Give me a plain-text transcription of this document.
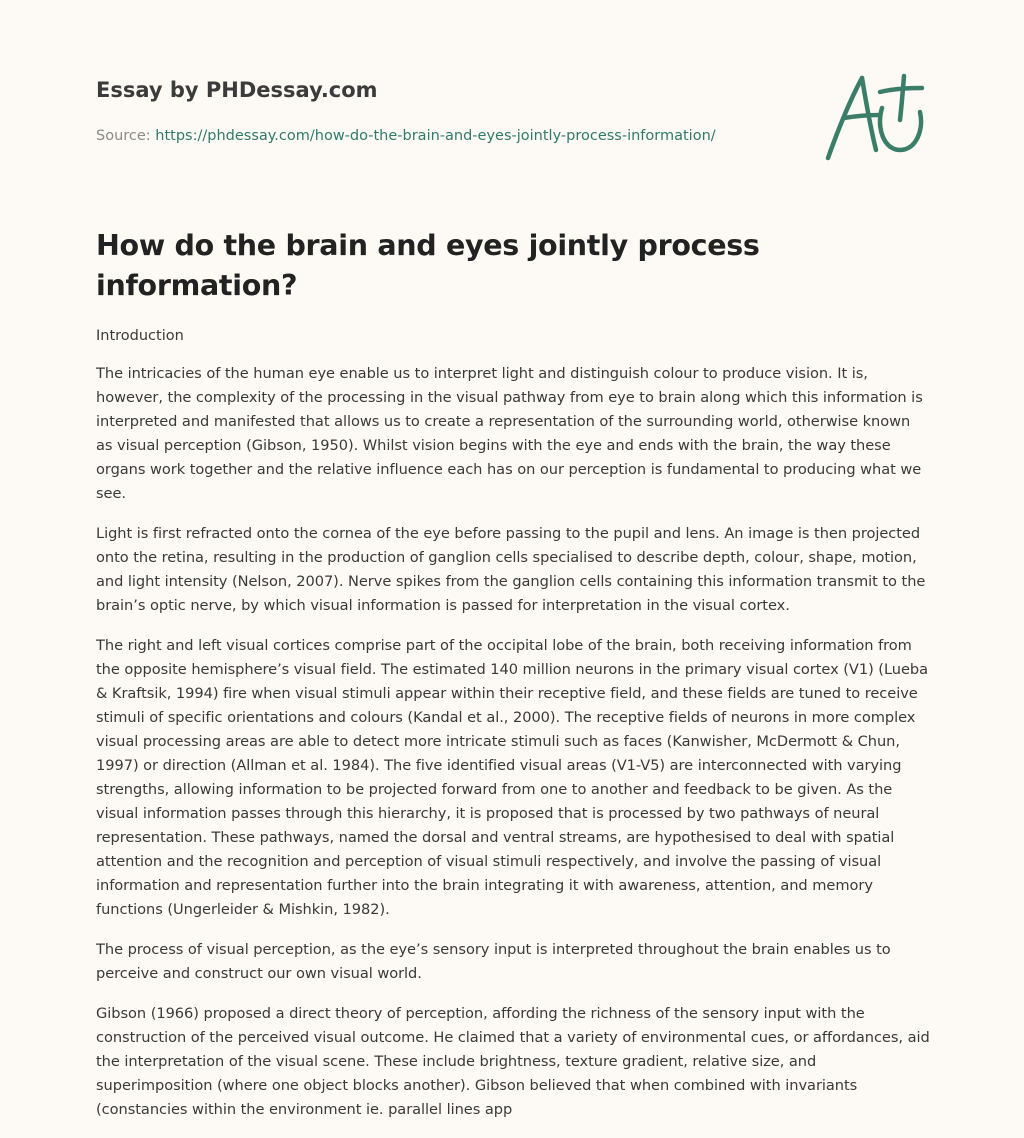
Essay by PHDessay.com
Source: https://phdessay.com/how-do-the-brain-and-eyes-jointly-process-information/
How do the brain and eyes jointly process information?

Introduction

The intricacies of the human eye enable us to interpret light and distinguish colour to produce vision. It is, however, the complexity of the processing in the visual pathway from eye to brain along which this information is interpreted and manifested that allows us to create a representation of the surrounding world, otherwise known as visual perception (Gibson, 1950). Whilst vision begins with the eye and ends with the brain, the way these organs work together and the relative influence each has on our perception is fundamental to producing what we see.

Light is first refracted onto the cornea of the eye before passing to the pupil and lens. An image is then projected onto the retina, resulting in the production of ganglion cells specialised to describe depth, colour, shape, motion, and light intensity (Nelson, 2007). Nerve spikes from the ganglion cells containing this information transmit to the brain’s optic nerve, by which visual information is passed for interpretation in the visual cortex.

The right and left visual cortices comprise part of the occipital lobe of the brain, both receiving information from the opposite hemisphere’s visual field. The estimated 140 million neurons in the primary visual cortex (V1) (Lueba & Kraftsik, 1994) fire when visual stimuli appear within their receptive field, and these fields are tuned to receive stimuli of specific orientations and colours (Kandal et al., 2000). The receptive fields of neurons in more complex visual processing areas are able to detect more intricate stimuli such as faces (Kanwisher, McDermott & Chun, 1997) or direction (Allman et al. 1984). The five identified visual areas (V1-V5) are interconnected with varying strengths, allowing information to be projected forward from one to another and feedback to be given. As the visual information passes through this hierarchy, it is proposed that is processed by two pathways of neural representation. These pathways, named the dorsal and ventral streams, are hypothesised to deal with spatial attention and the recognition and perception of visual stimuli respectively, and involve the passing of visual information and representation further into the brain integrating it with awareness, attention, and memory functions (Ungerleider & Mishkin, 1982).

The process of visual perception, as the eye’s sensory input is interpreted throughout the brain enables us to perceive and construct our own visual world.

Gibson (1966) proposed a direct theory of perception, affording the richness of the sensory input with the construction of the perceived visual outcome. He claimed that a variety of environmental cues, or affordances, aid the interpretation of the visual scene. These include brightness, texture gradient, relative size, and superimposition (where one object blocks another). Gibson believed that when combined with invariants (constancies within the environment ie. parallel lines app
